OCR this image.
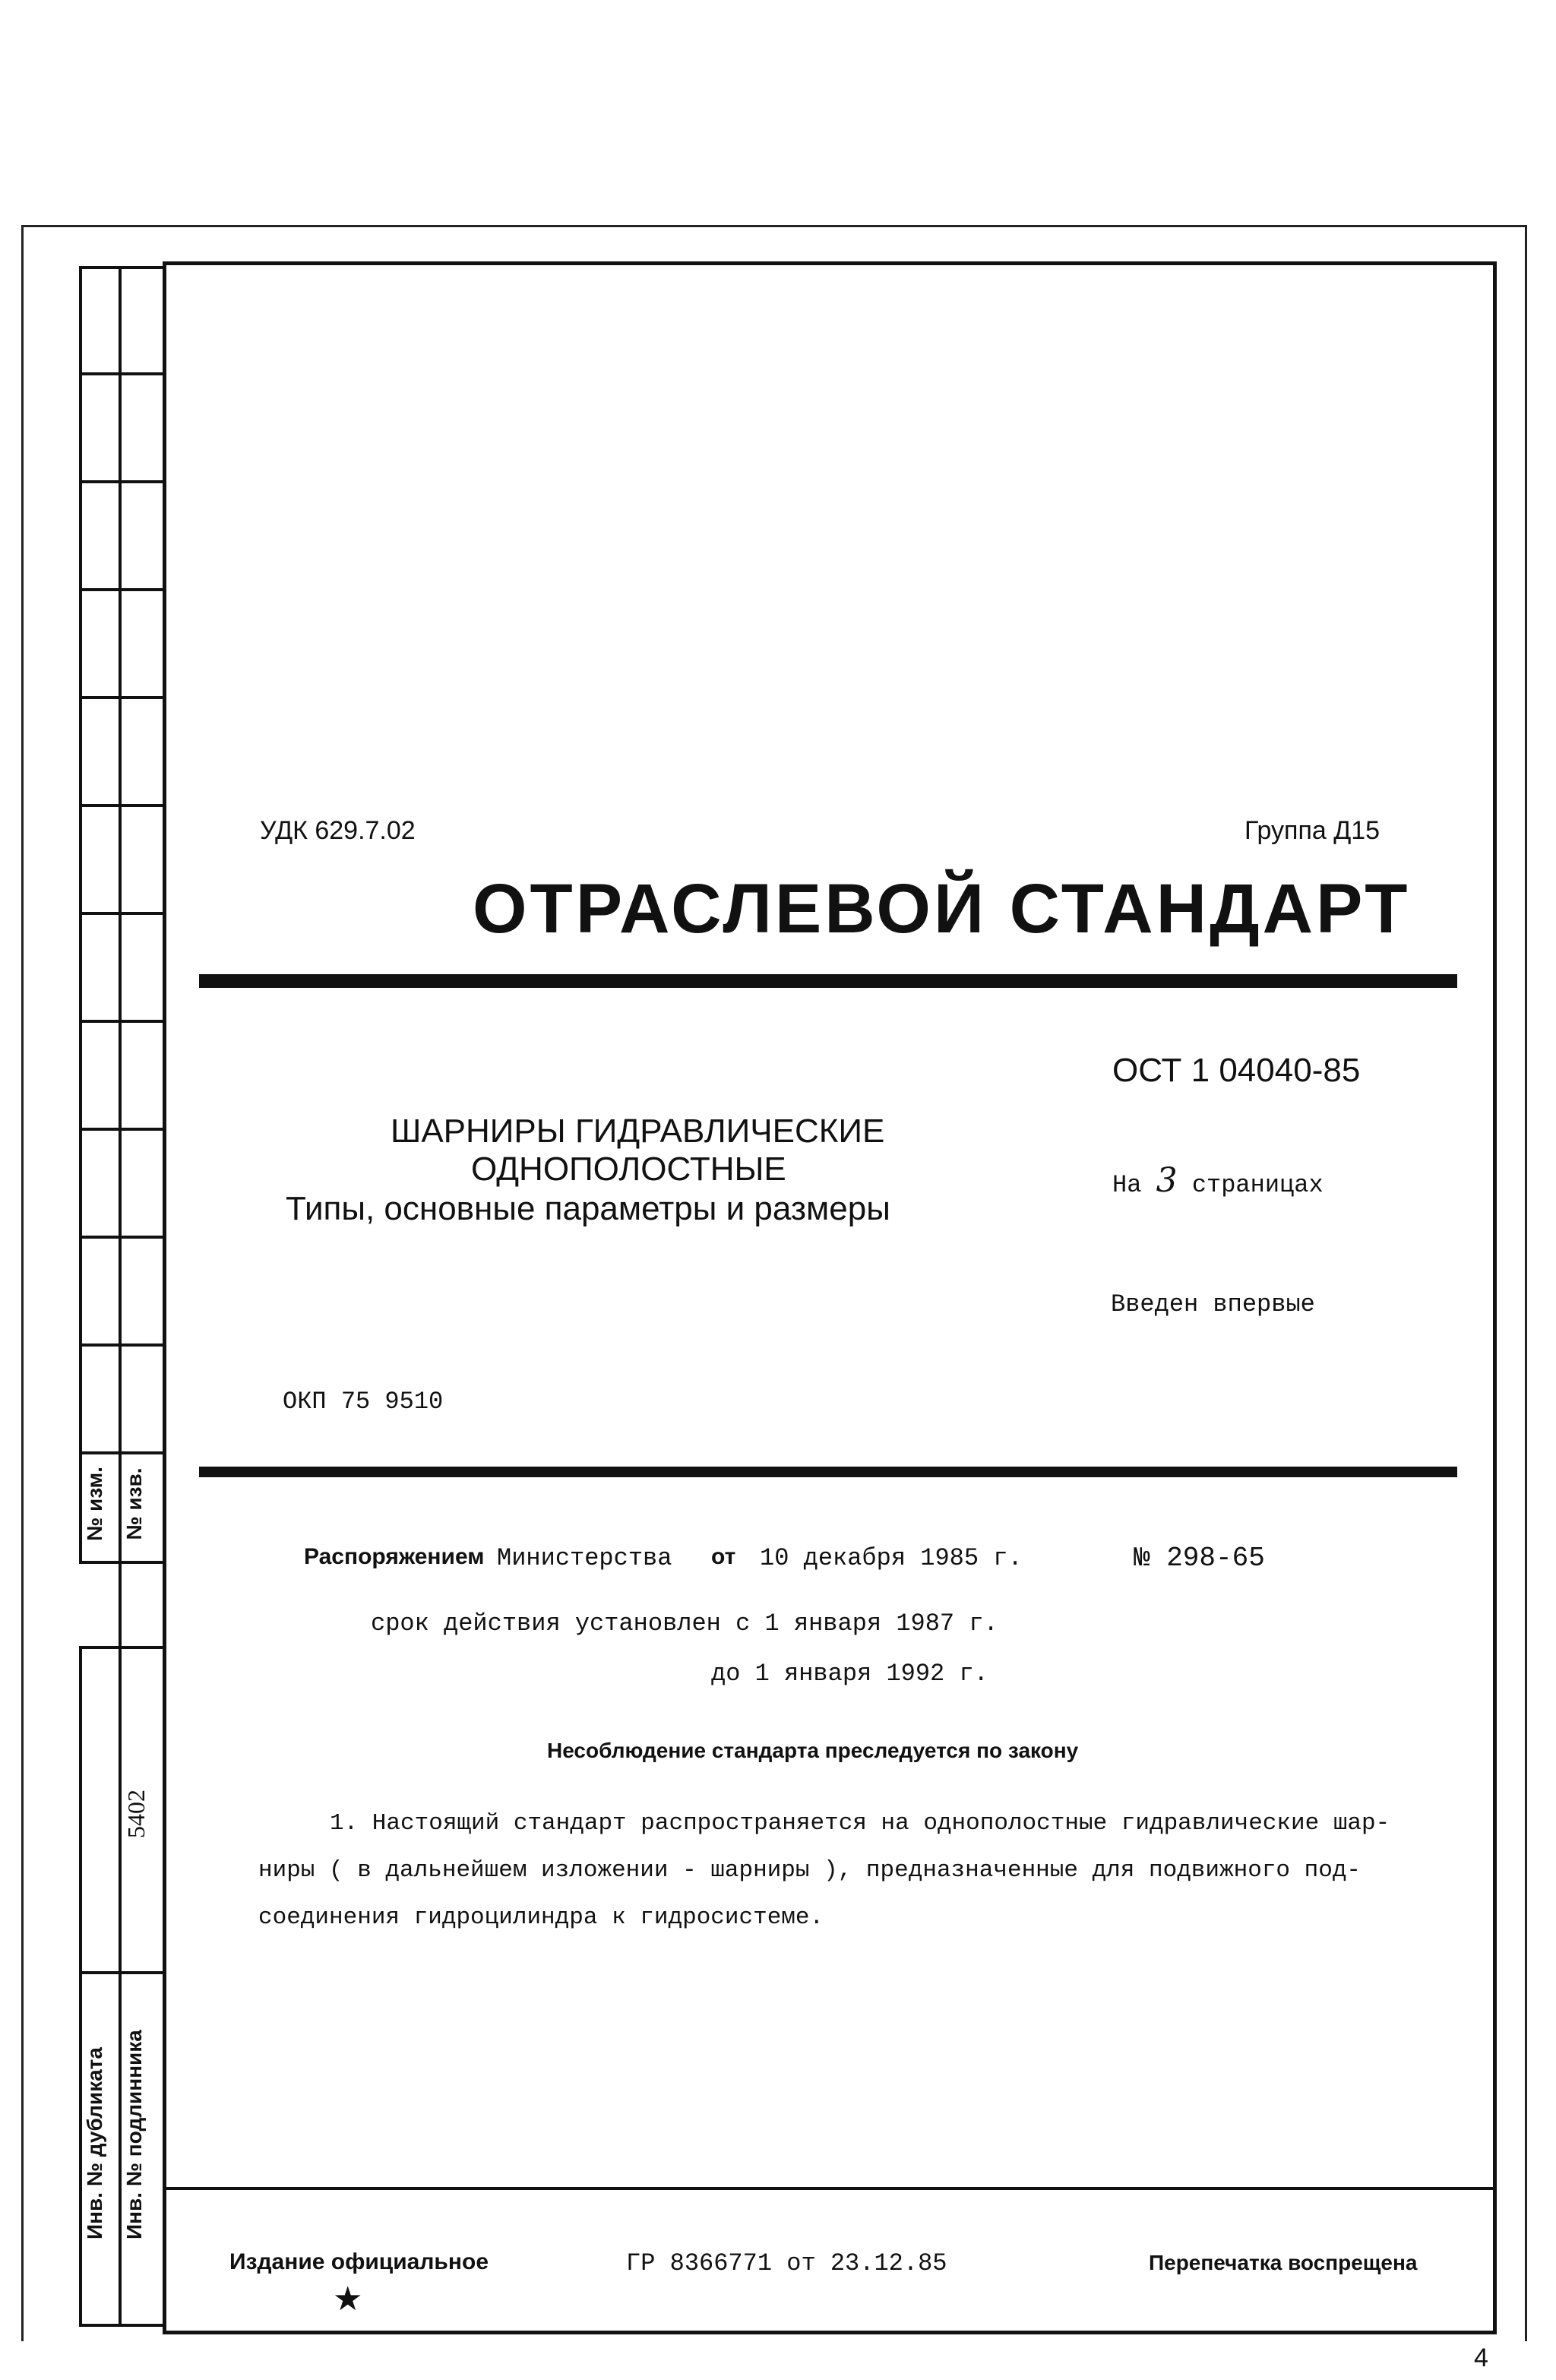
№ изм. № изв.
5402
Инв. № дубликата Инв. № подлинника
УДК 629.7.02	Группа Д15
ОТРАСЛЕВОЙ СТАНДАРТ
ОСТ 1 04040-85
ШАРНИРЫ ГИДРАВЛИЧЕСКИЕ
ОДНОПОЛОСТНЫЕ
Типы, основные параметры и размеры
На 3 страницах
Введен впервые
ОКП 75 9510
Распоряжением Министерства от 10 декабря 1985 г.	№ 298-65
срок действия установлен с 1 января 1987 г.
до 1 января 1992 г.
Несоблюдение стандарта преследуется по закону
1. Настоящий стандарт распространяется на однополостные гидравлические шар-
ниры ( в дальнейшем изложении - шарниры ), предназначенные для подвижного под-
соединения гидроцилиндра к гидросистеме.
Издание официальное
★
ГР 8366771 от 23.12.85	Перепечатка воспрещена
4
